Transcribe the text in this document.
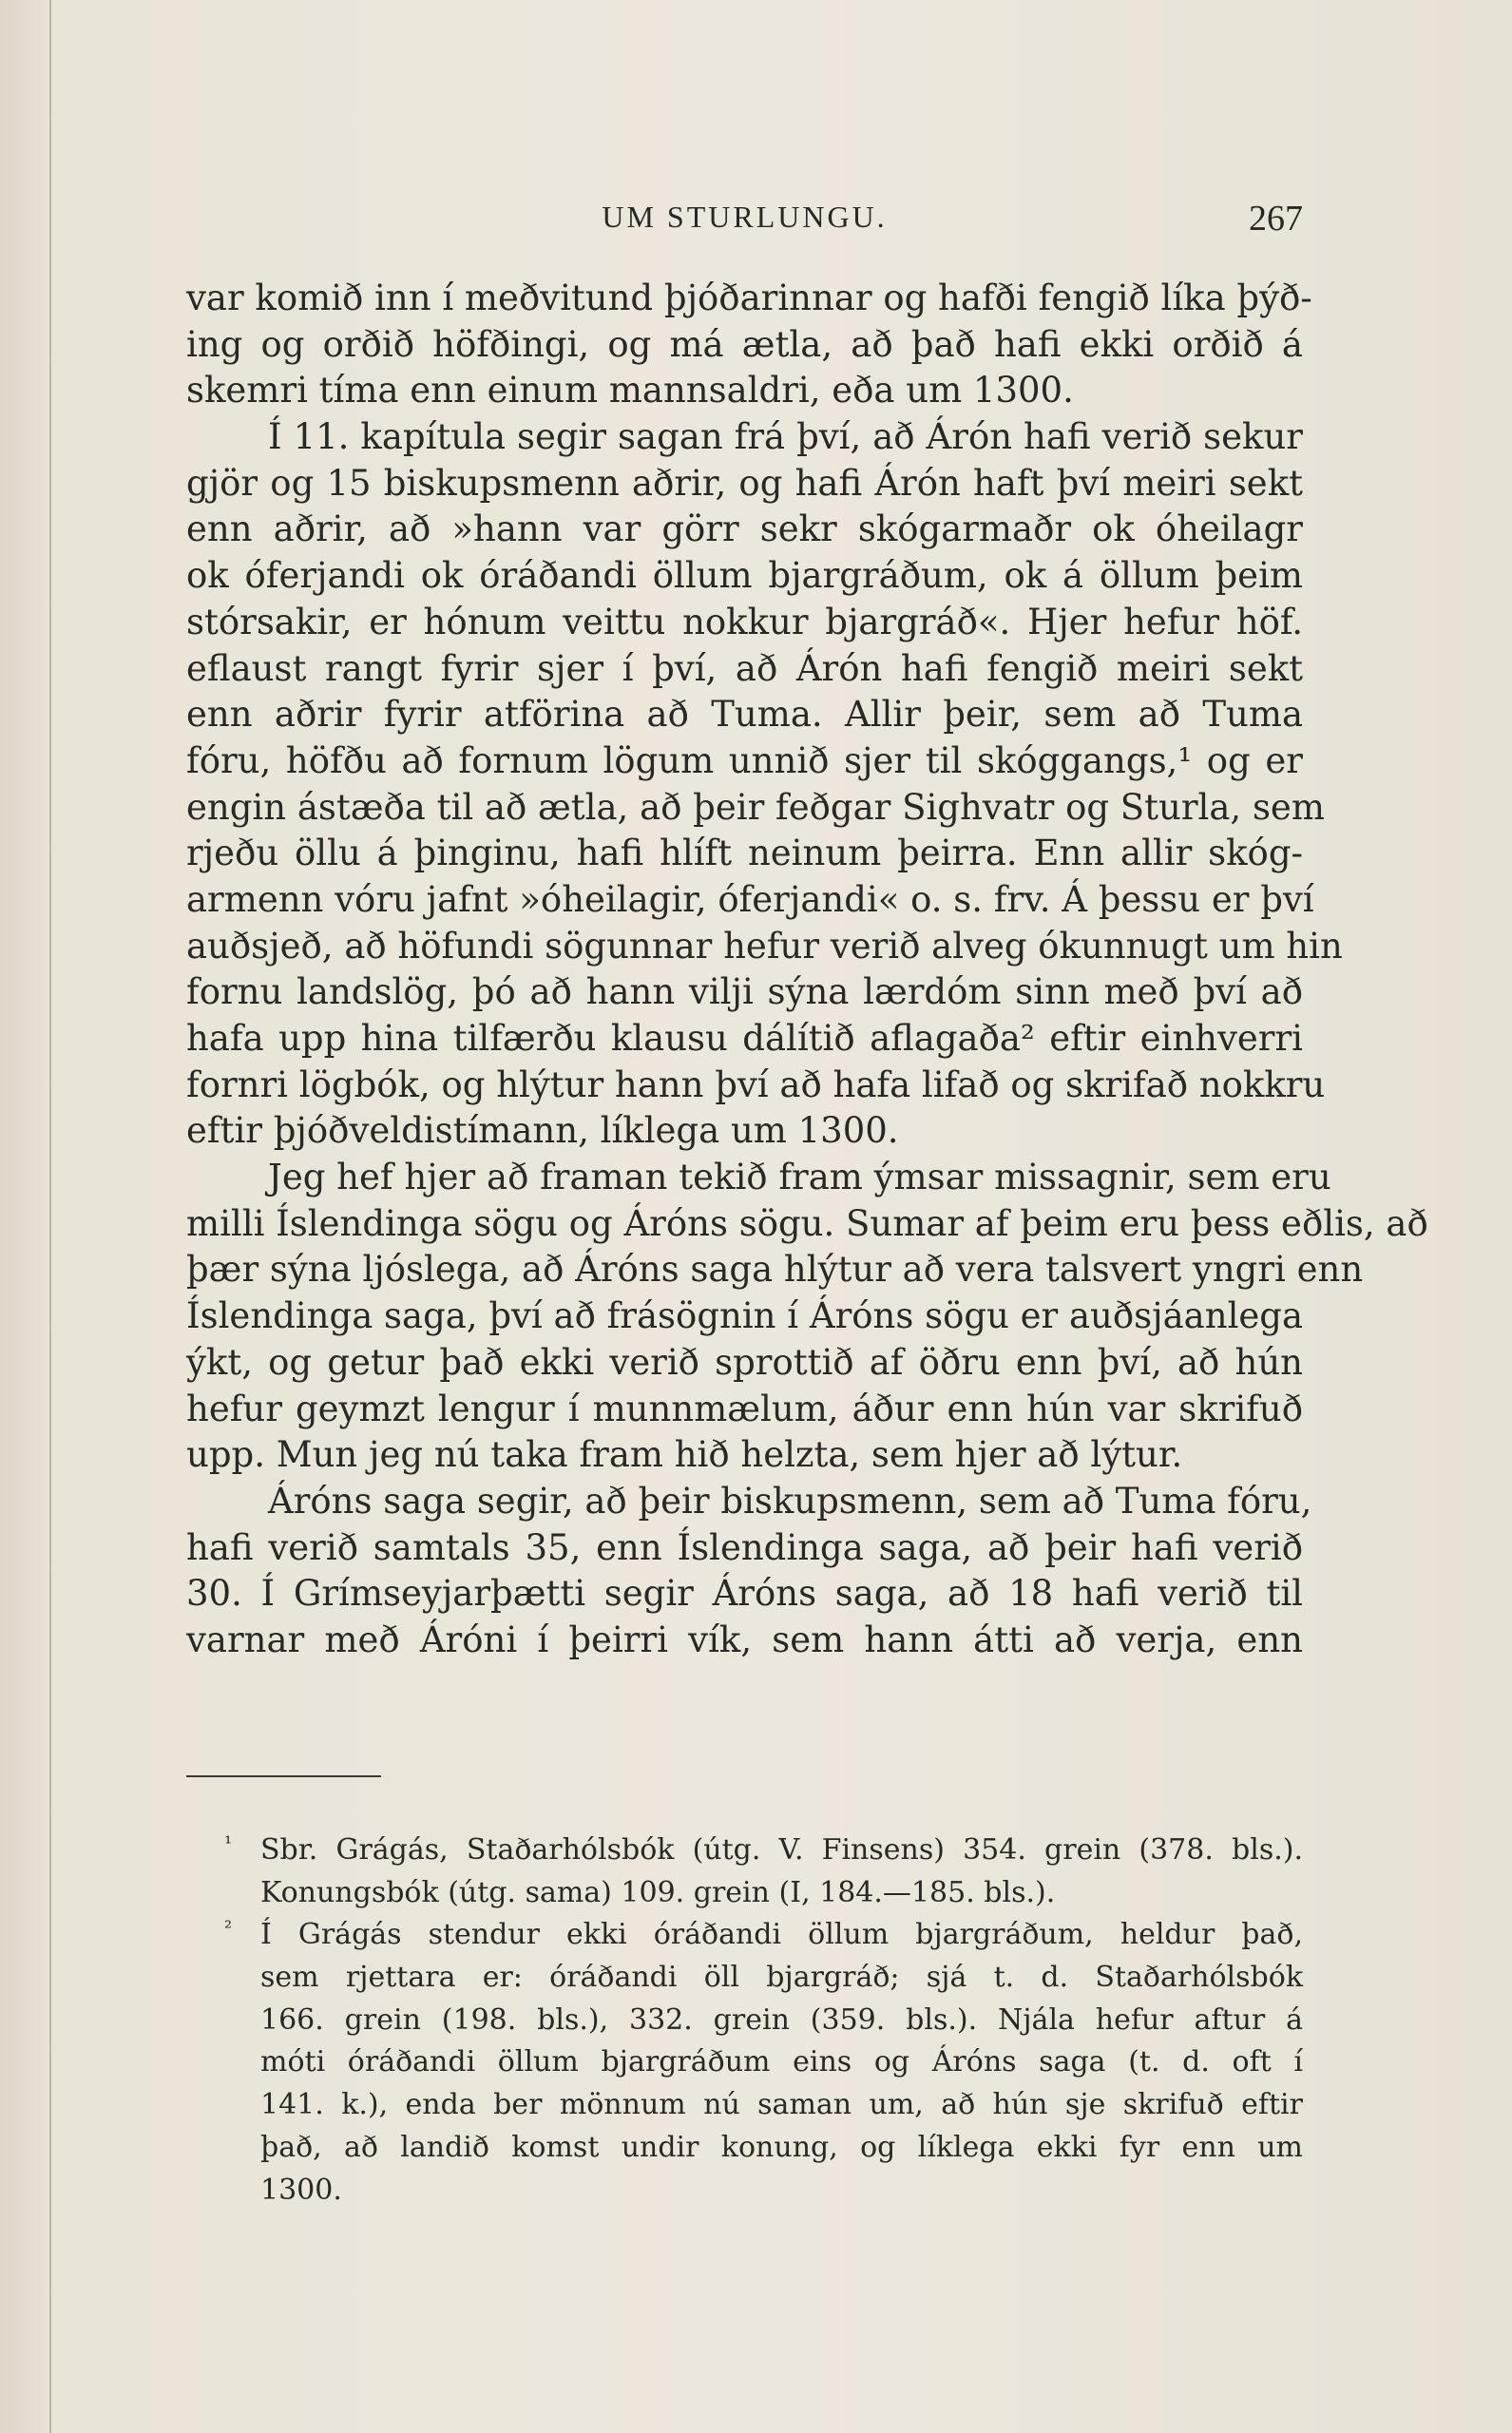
UM STURLUNGU.	267
var komið inn í meðvitund þjóðarinnar og hafði fengið líka þýð-
ing og orðið höfðingi, og má ætla, að það hafi ekki orðið á
skemri tíma enn einum mannsaldri, eða um 1300.
Í 11. kapítula segir sagan frá því, að Árón hafi verið sekur
gjör og 15 biskupsmenn aðrir, og hafi Árón haft því meiri sekt
enn aðrir, að »hann var görr sekr skógarmaðr ok óheilagr
ok óferjandi ok óráðandi öllum bjargráðum, ok á öllum þeim
stórsakir, er hónum veittu nokkur bjargráð«. Hjer hefur höf.
eflaust rangt fyrir sjer í því, að Árón hafi fengið meiri sekt
enn aðrir fyrir atförina að Tuma. Allir þeir, sem að Tuma
fóru, höfðu að fornum lögum unnið sjer til skóggangs,¹ og er
engin ástæða til að ætla, að þeir feðgar Sighvatr og Sturla, sem
rjeðu öllu á þinginu, hafi hlíft neinum þeirra. Enn allir skóg-
armenn vóru jafnt »óheilagir, óferjandi« o. s. frv. Á þessu er því
auðsjeð, að höfundi sögunnar hefur verið alveg ókunnugt um hin
fornu landslög, þó að hann vilji sýna lærdóm sinn með því að
hafa upp hina tilfærðu klausu dálítið aflagaða² eftir einhverri
fornri lögbók, og hlýtur hann því að hafa lifað og skrifað nokkru
eftir þjóðveldistímann, líklega um 1300.
Jeg hef hjer að framan tekið fram ýmsar missagnir, sem eru
milli Íslendinga sögu og Áróns sögu. Sumar af þeim eru þess eðlis, að
þær sýna ljóslega, að Áróns saga hlýtur að vera talsvert yngri enn
Íslendinga saga, því að frásögnin í Áróns sögu er auðsjáanlega
ýkt, og getur það ekki verið sprottið af öðru enn því, að hún
hefur geymzt lengur í munnmælum, áður enn hún var skrifuð
upp. Mun jeg nú taka fram hið helzta, sem hjer að lýtur.
Áróns saga segir, að þeir biskupsmenn, sem að Tuma fóru,
hafi verið samtals 35, enn Íslendinga saga, að þeir hafi verið
30. Í Grímseyjarþætti segir Áróns saga, að 18 hafi verið til
varnar með Áróni í þeirri vík, sem hann átti að verja, enn
¹ Sbr. Grágás, Staðarhólsbók (útg. V. Finsens) 354. grein (378. bls.).
Konungsbók (útg. sama) 109. grein (I, 184.—185. bls.).
² Í Grágás stendur ekki óráðandi öllum bjargráðum, heldur það,
sem rjettara er: óráðandi öll bjargráð; sjá t. d. Staðarhólsbók
166. grein (198. bls.), 332. grein (359. bls.). Njála hefur aftur á
móti óráðandi öllum bjargráðum eins og Áróns saga (t. d. oft í
141. k.), enda ber mönnum nú saman um, að hún sje skrifuð eftir
það, að landið komst undir konung, og líklega ekki fyr enn um
1300.
